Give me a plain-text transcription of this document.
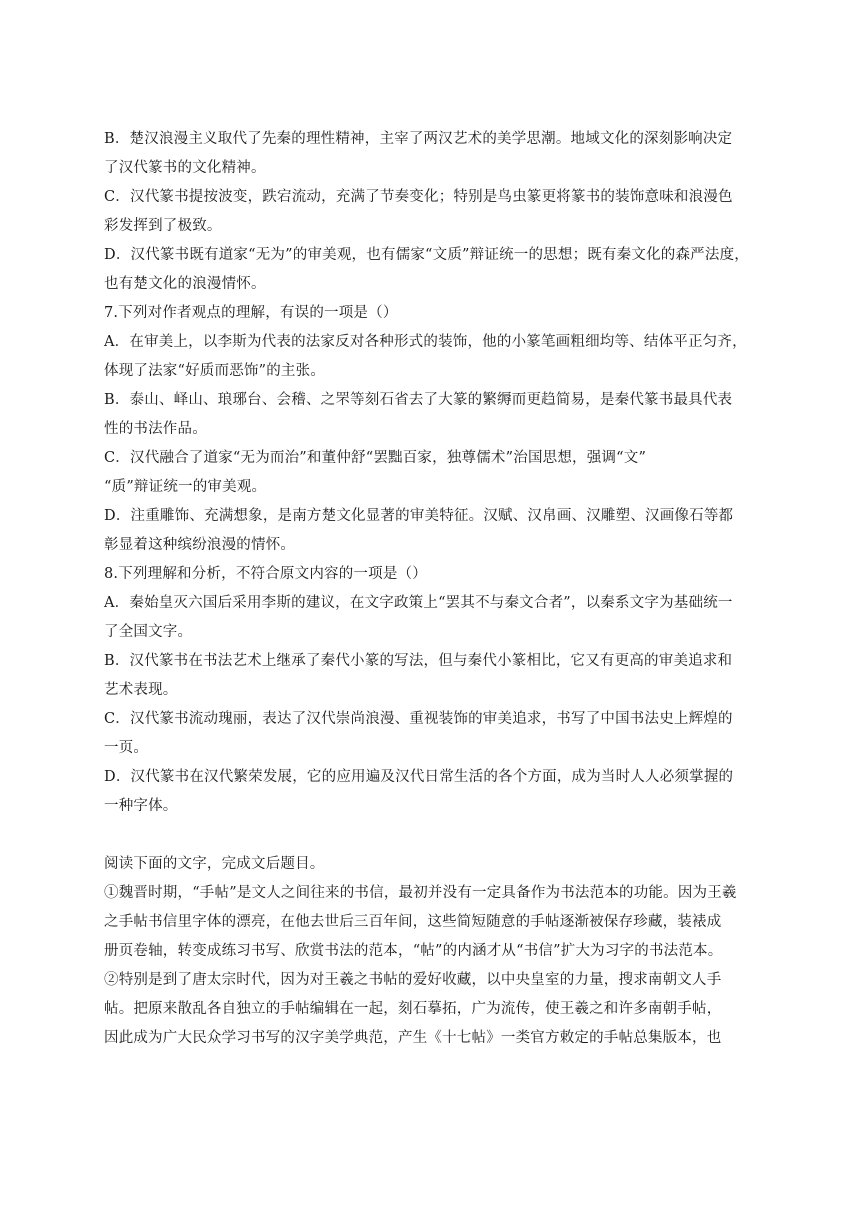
B．楚汉浪漫主义取代了先秦的理性精神，主宰了两汉艺术的美学思潮。地域文化的深刻影响决定
了汉代篆书的文化精神。

C．汉代篆书提按波变，跌宕流动，充满了节奏变化；特别是鸟虫篆更将篆书的装饰意味和浪漫色
彩发挥到了极致。

D．汉代篆书既有道家“无为”的审美观，也有儒家“文质”辩证统一的思想；既有秦文化的森严法度，
也有楚文化的浪漫情怀。

7.下列对作者观点的理解，有误的一项是（）

A．在审美上，以李斯为代表的法家反对各种形式的装饰，他的小篆笔画粗细均等、结体平正匀齐，
体现了法家“好质而恶饰”的主张。

B．泰山、峄山、琅琊台、会稽、之罘等刻石省去了大篆的繁缛而更趋简易，是秦代篆书最具代表
性的书法作品。

C．汉代融合了道家“无为而治”和董仲舒“罢黜百家，独尊儒术”治国思想，强调“文”
“质”辩证统一的审美观。

D．注重雕饰、充满想象，是南方楚文化显著的审美特征。汉赋、汉帛画、汉雕塑、汉画像石等都
彰显着这种缤纷浪漫的情怀。

8.下列理解和分析，不符合原文内容的一项是（）

A．秦始皇灭六国后采用李斯的建议，在文字政策上“罢其不与秦文合者”，以秦系文字为基础统一
了全国文字。

B．汉代篆书在书法艺术上继承了秦代小篆的写法，但与秦代小篆相比，它又有更高的审美追求和
艺术表现。

C．汉代篆书流动瑰丽，表达了汉代崇尚浪漫、重视装饰的审美追求，书写了中国书法史上辉煌的
一页。

D．汉代篆书在汉代繁荣发展，它的应用遍及汉代日常生活的各个方面，成为当时人人必须掌握的
一种字体。

阅读下面的文字，完成文后题目。

①魏晋时期，“手帖”是文人之间往来的书信，最初并没有一定具备作为书法范本的功能。因为王羲
之手帖书信里字体的漂亮，在他去世后三百年间，这些简短随意的手帖逐渐被保存珍藏，装裱成
册页卷轴，转变成练习书写、欣赏书法的范本，“帖”的内涵才从“书信”扩大为习字的书法范本。

②特别是到了唐太宗时代，因为对王羲之书帖的爱好收藏，以中央皇室的力量，搜求南朝文人手
帖。把原来散乱各自独立的手帖编辑在一起，刻石摹拓，广为流传，使王羲之和许多南朝手帖，
因此成为广大民众学习书写的汉字美学典范，产生《十七帖》一类官方敕定的手帖总集版本，也
